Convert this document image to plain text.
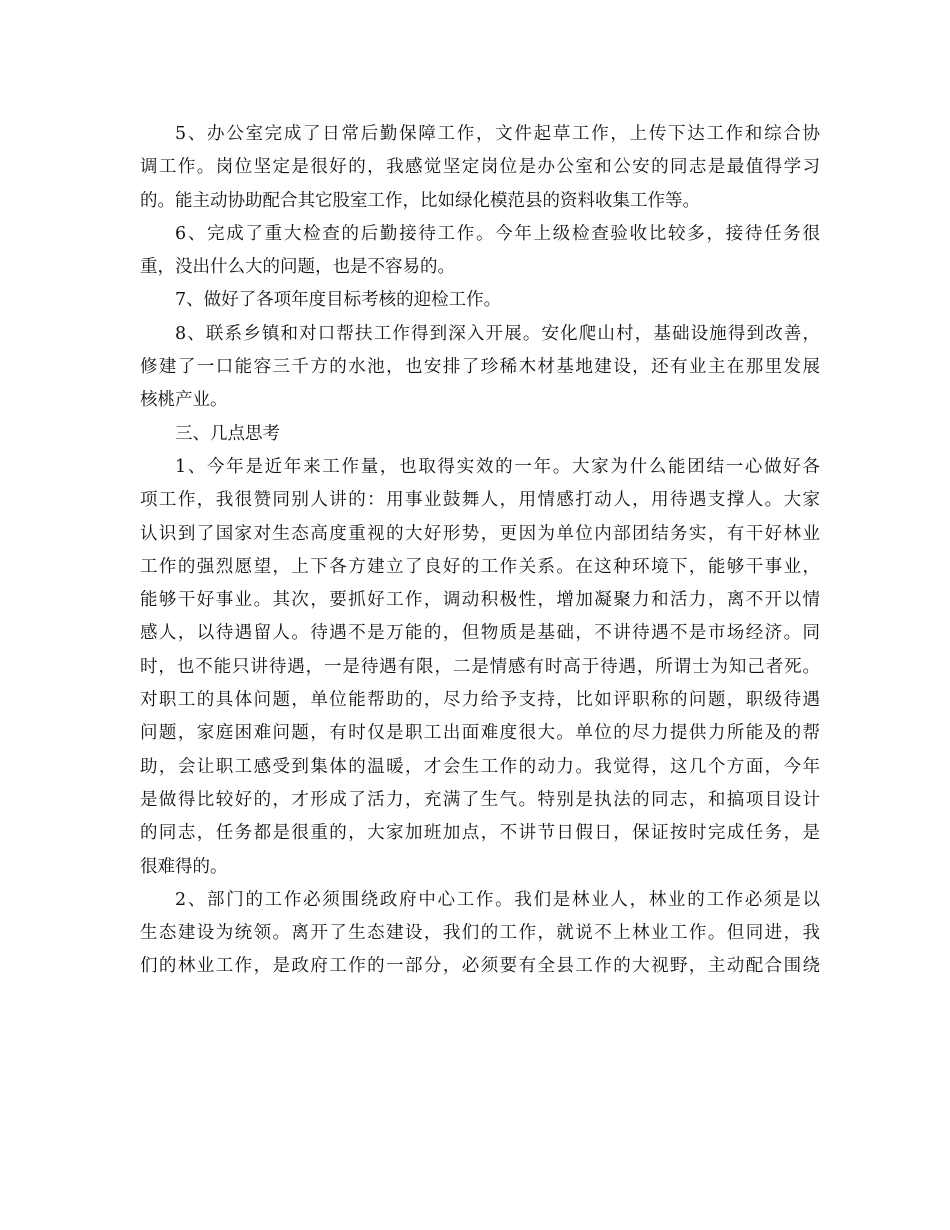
5、办公室完成了日常后勤保障工作，文件起草工作，上传下达工作和综合协
调工作。岗位坚定是很好的，我感觉坚定岗位是办公室和公安的同志是最值得学习
的。能主动协助配合其它股室工作，比如绿化模范县的资料收集工作等。
6、完成了重大检查的后勤接待工作。今年上级检查验收比较多，接待任务很
重，没出什么大的问题，也是不容易的。
7、做好了各项年度目标考核的迎检工作。
8、联系乡镇和对口帮扶工作得到深入开展。安化爬山村，基础设施得到改善，
修建了一口能容三千方的水池，也安排了珍稀木材基地建设，还有业主在那里发展
核桃产业。
三、几点思考
1、今年是近年来工作量，也取得实效的一年。大家为什么能团结一心做好各
项工作，我很赞同别人讲的：用事业鼓舞人，用情感打动人，用待遇支撑人。大家
认识到了国家对生态高度重视的大好形势，更因为单位内部团结务实，有干好林业
工作的强烈愿望，上下各方建立了良好的工作关系。在这种环境下，能够干事业，
能够干好事业。其次，要抓好工作，调动积极性，增加凝聚力和活力，离不开以情
感人，以待遇留人。待遇不是万能的，但物质是基础，不讲待遇不是市场经济。同
时，也不能只讲待遇，一是待遇有限，二是情感有时高于待遇，所谓士为知己者死。
对职工的具体问题，单位能帮助的，尽力给予支持，比如评职称的问题，职级待遇
问题，家庭困难问题，有时仅是职工出面难度很大。单位的尽力提供力所能及的帮
助，会让职工感受到集体的温暖，才会生工作的动力。我觉得，这几个方面，今年
是做得比较好的，才形成了活力，充满了生气。特别是执法的同志，和搞项目设计
的同志，任务都是很重的，大家加班加点，不讲节日假日，保证按时完成任务，是
很难得的。
2、部门的工作必须围绕政府中心工作。我们是林业人，林业的工作必须是以
生态建设为统领。离开了生态建设，我们的工作，就说不上林业工作。但同进，我
们的林业工作，是政府工作的一部分，必须要有全县工作的大视野，主动配合围绕
